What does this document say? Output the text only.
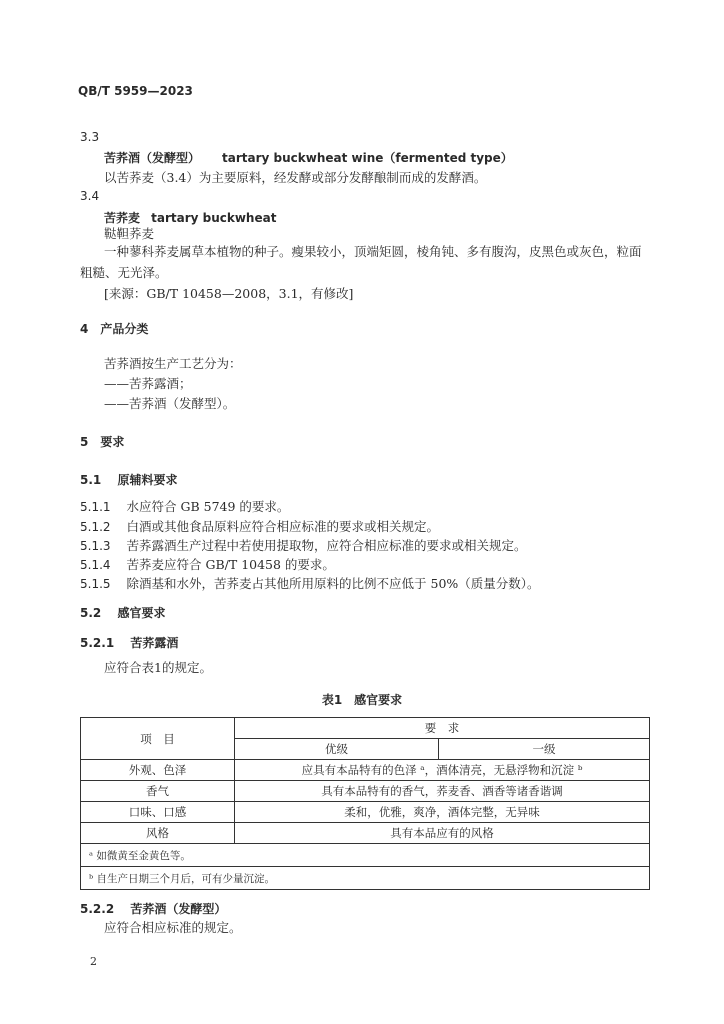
QB/T 5959—2023
3.3
苦荞酒（发酵型） tartary buckwheat wine（fermented type）
以苦荞麦（3.4）为主要原料，经发酵或部分发酵酿制而成的发酵酒。
3.4
苦荞麦 tartary buckwheat
鞑靼荞麦
一种蓼科荞麦属草本植物的种子。瘦果较小，顶端矩圆，棱角钝、多有腹沟，皮黑色或灰色，粒面粗糙、无光泽。
[来源：GB/T 10458—2008，3.1，有修改]
4　产品分类
苦荞酒按生产工艺分为：
——苦荞露酒；
——苦荞酒（发酵型）。
5　要求
5.1 原辅料要求
5.1.1 水应符合 GB 5749 的要求。
5.1.2 白酒或其他食品原料应符合相应标准的要求或相关规定。
5.1.3 苦荞露酒生产过程中若使用提取物，应符合相应标准的要求或相关规定。
5.1.4 苦荞麦应符合 GB/T 10458 的要求。
5.1.5 除酒基和水外，苦荞麦占其他所用原料的比例不应低于 50%（质量分数）。
5.2 感官要求
5.2.1 苦荞露酒
应符合表1的规定。
表1　感官要求
项　目	要　求	
	优级	一级
外观、色泽	应具有本品特有的色泽 ᵃ，酒体清亮，无悬浮物和沉淀 ᵇ	
香气	具有本品特有的香气，荞麦香、酒香等诸香谐调	
口味、口感	柔和，优雅，爽净，酒体完整，无异味	
风格	具有本品应有的风格	
ᵃ 如微黄至金黄色等。		
ᵇ 自生产日期三个月后，可有少量沉淀。		
5.2.2 苦荞酒（发酵型）
应符合相应标准的规定。
2
